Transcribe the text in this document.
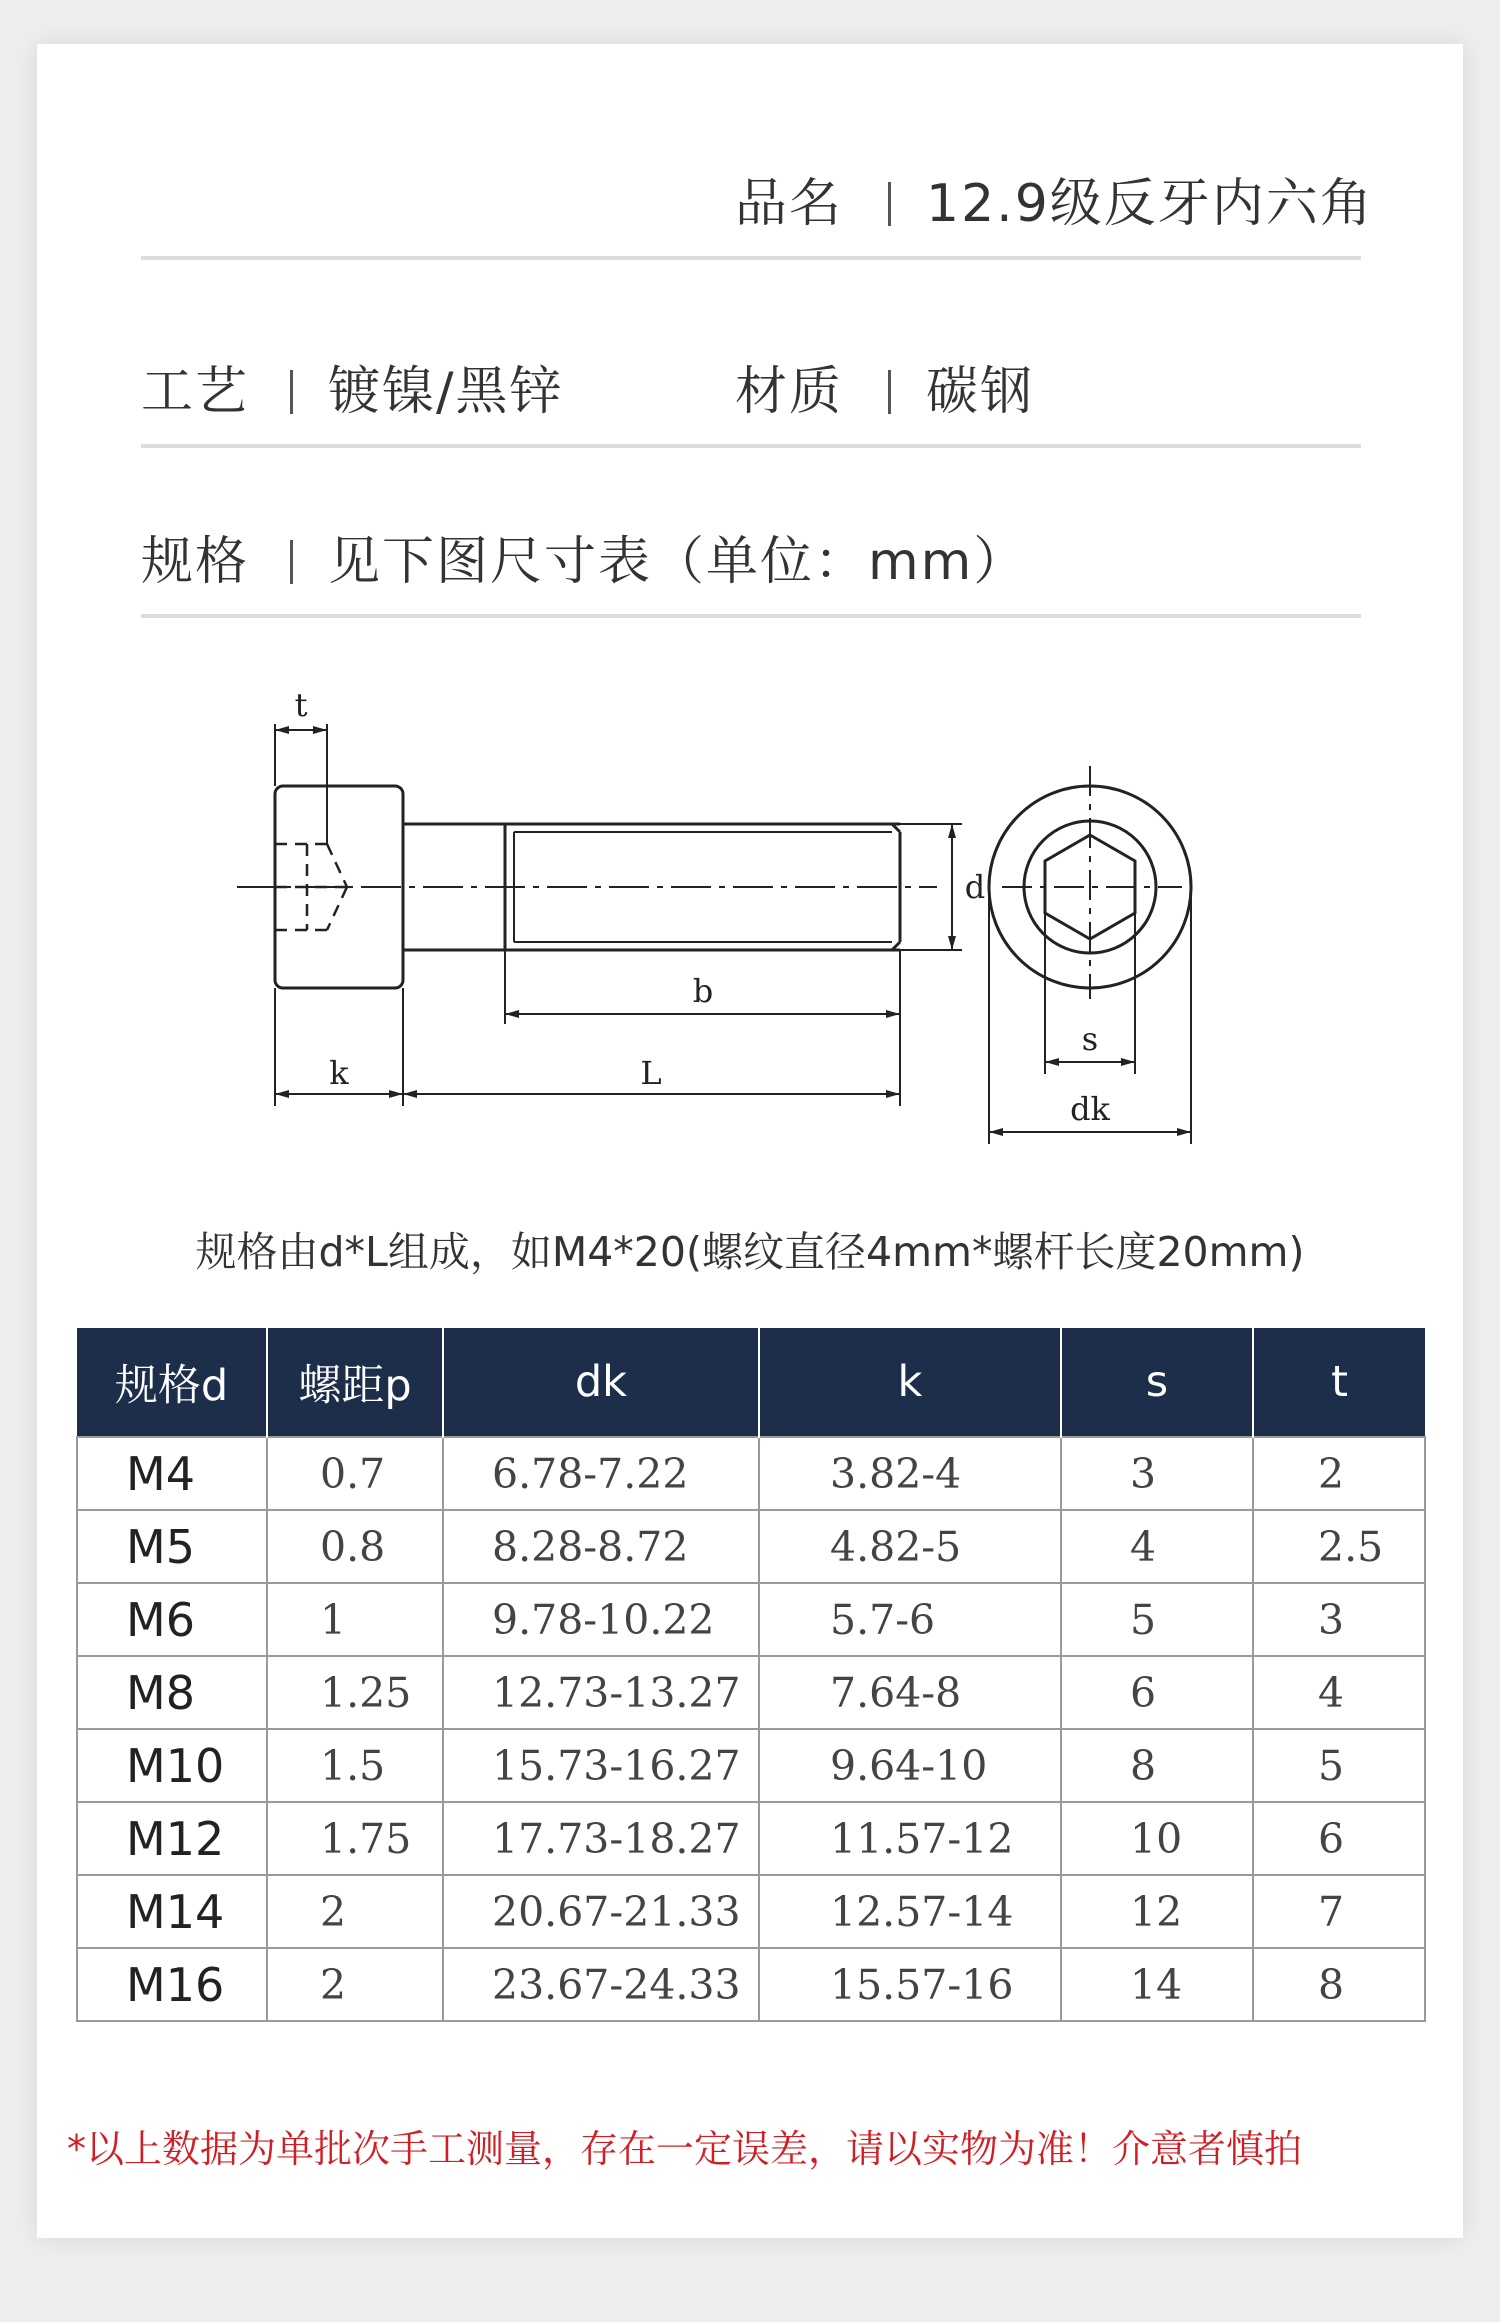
品名 12.9级反牙内六角
工艺 镀镍/黑锌	材质 碳钢
规格 见下图尺寸表（单位：mm）
t
d
b
k	L
s
dk
规格由d*L组成，如M4*20(螺纹直径4mm*螺杆长度20mm)
规格d	螺距p	dk	k	s	t
M4	0.7	6.78-7.22	3.82-4	3	2
M5	0.8	8.28-8.72	4.82-5	4	2.5
M6	1	9.78-10.22	5.7-6	5	3
M8	1.25	12.73-13.27	7.64-8	6	4
M10	1.5	15.73-16.27	9.64-10	8	5
M12	1.75	17.73-18.27	11.57-12	10	6
M14	2	20.67-21.33	12.57-14	12	7
M16	2	23.67-24.33	15.57-16	14	8
*以上数据为单批次手工测量，存在一定误差，请以实物为准！介意者慎拍
